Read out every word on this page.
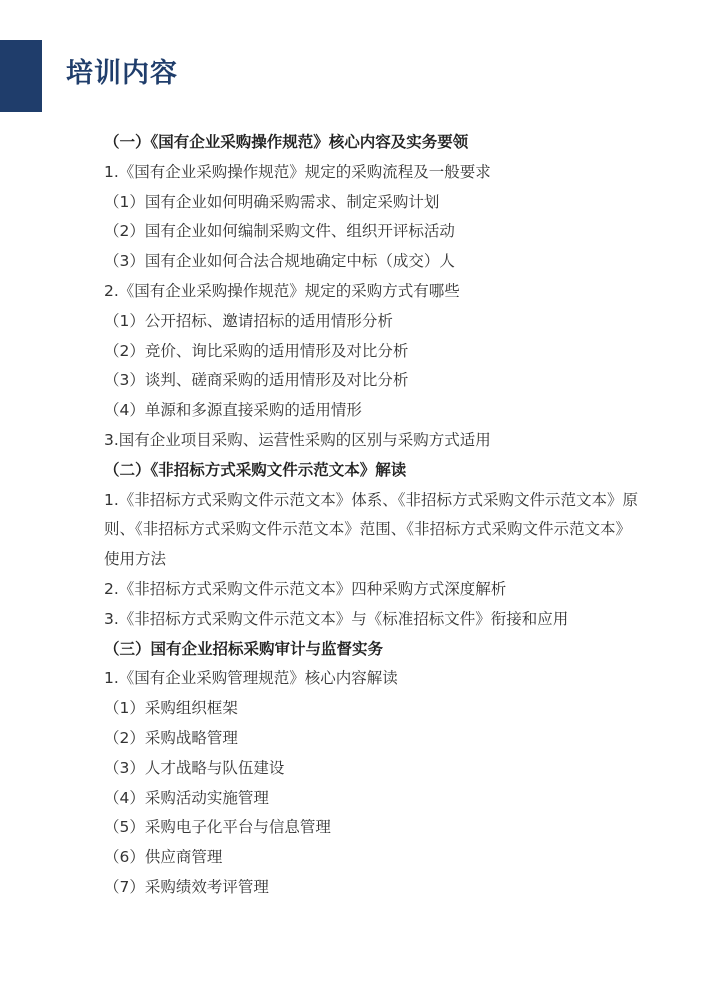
培训内容

（一）《国有企业采购操作规范》核心内容及实务要领

1.《国有企业采购操作规范》规定的采购流程及一般要求

（1）国有企业如何明确采购需求、制定采购计划

（2）国有企业如何编制采购文件、组织开评标活动

（3）国有企业如何合法合规地确定中标（成交）人

2.《国有企业采购操作规范》规定的采购方式有哪些

（1）公开招标、邀请招标的适用情形分析

（2）竞价、询比采购的适用情形及对比分析

（3）谈判、磋商采购的适用情形及对比分析

（4）单源和多源直接采购的适用情形

3.国有企业项目采购、运营性采购的区别与采购方式适用

（二）《非招标方式采购文件示范文本》解读

1.《非招标方式采购文件示范文本》体系、《非招标方式采购文件示范文本》原则、《非招标方式采购文件示范文本》范围、《非招标方式采购文件示范文本》使用方法

2.《非招标方式采购文件示范文本》四种采购方式深度解析

3.《非招标方式采购文件示范文本》与《标准招标文件》衔接和应用

（三）国有企业招标采购审计与监督实务

1.《国有企业采购管理规范》核心内容解读

（1）采购组织框架

（2）采购战略管理

（3）人才战略与队伍建设

（4）采购活动实施管理

（5）采购电子化平台与信息管理

（6）供应商管理

（7）采购绩效考评管理
